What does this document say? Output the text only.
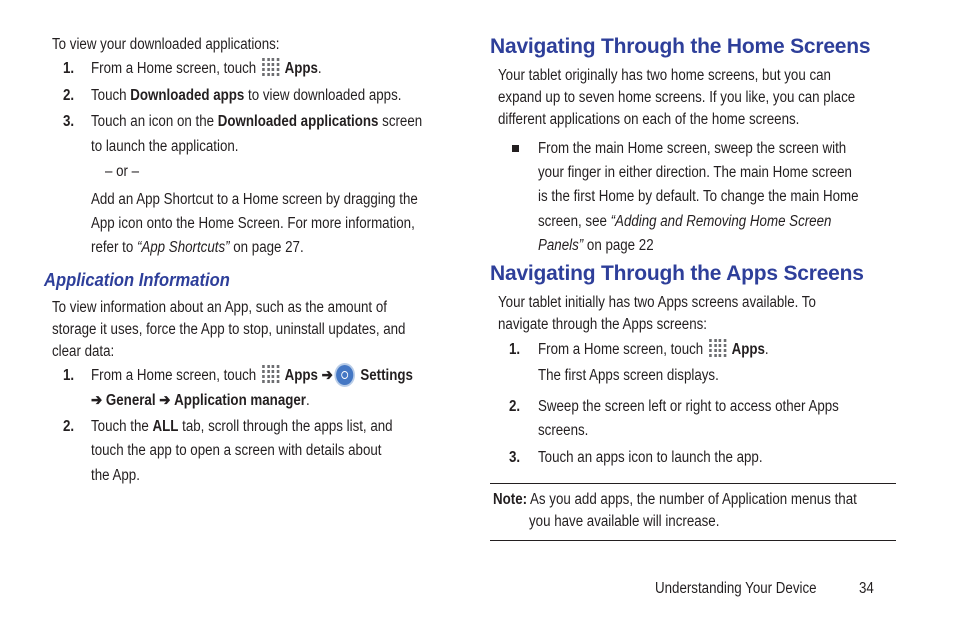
To view your downloaded applications:
1. From a Home screen, touch Apps.
2. Touch Downloaded apps to view downloaded apps.
3. Touch an icon on the Downloaded applications screen
to launch the application.
– or –
Add an App Shortcut to a Home screen by dragging the
App icon onto the Home Screen. For more information,
refer to “App Shortcuts” on page 27.
Application Information
To view information about an App, such as the amount of
storage it uses, force the App to stop, uninstall updates, and
clear data:
1. From a Home screen, touch Apps ➔ Settings
➔ General ➔ Application manager.
2. Touch the ALL tab, scroll through the apps list, and
touch the app to open a screen with details about
the App.
Navigating Through the Home Screens
Your tablet originally has two home screens, but you can
expand up to seven home screens. If you like, you can place
different applications on each of the home screens.
From the main Home screen, sweep the screen with
your finger in either direction. The main Home screen
is the first Home by default. To change the main Home
screen, see “Adding and Removing Home Screen
Panels” on page 22
Navigating Through the Apps Screens
Your tablet initially has two Apps screens available. To
navigate through the Apps screens:
1. From a Home screen, touch Apps.
The first Apps screen displays.
2. Sweep the screen left or right to access other Apps
screens.
3. Touch an apps icon to launch the app.
Note: As you add apps, the number of Application menus that
you have available will increase.
Understanding Your Device	34
